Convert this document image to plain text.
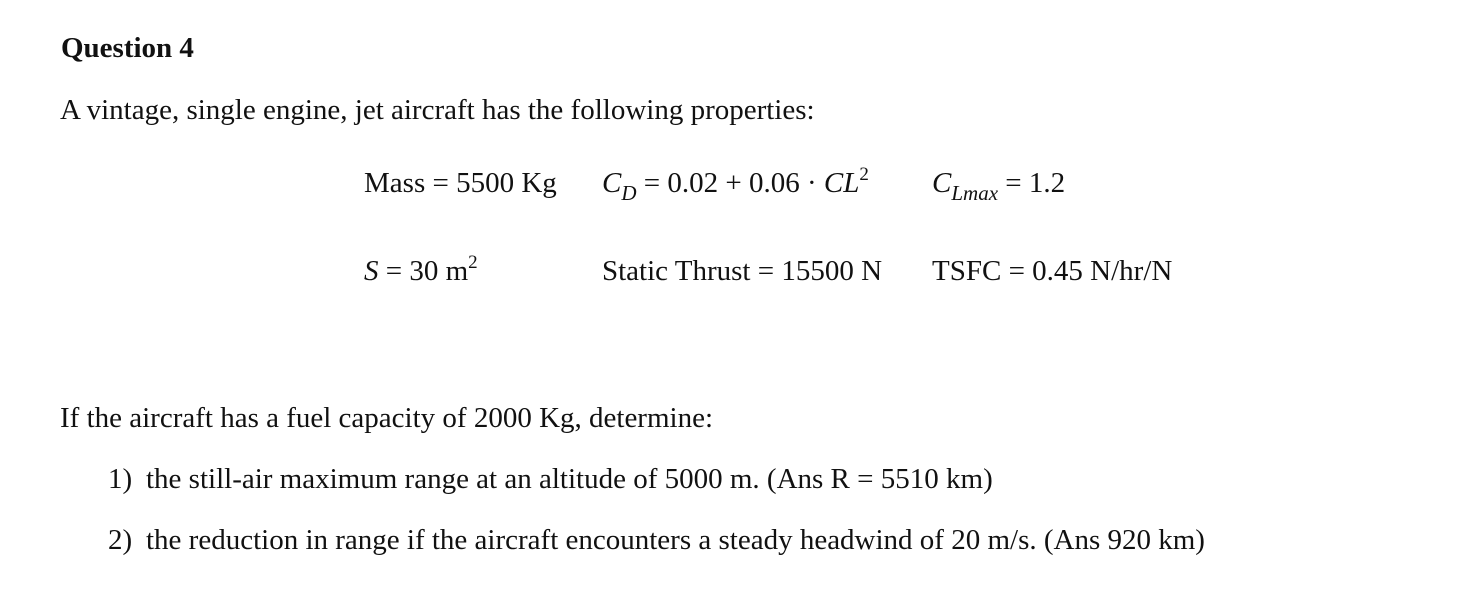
Question 4
A vintage, single engine, jet aircraft has the following properties:
Mass = 5500 Kg $C_D = 0.02 + 0.06 \cdot CL^2$ $C_{Lmax} = 1.2$
S = 30 $m^2$	Static Thrust = 15500 N TSFC = 0.45 N/hr/N
If the aircraft has a fuel capacity of 2000 Kg, determine:
1) the still-air maximum range at an altitude of 5000 m. (Ans R = 5510 km)
2) the reduction in range if the aircraft encounters a steady headwind of 20 m/s. (Ans 920 km)
